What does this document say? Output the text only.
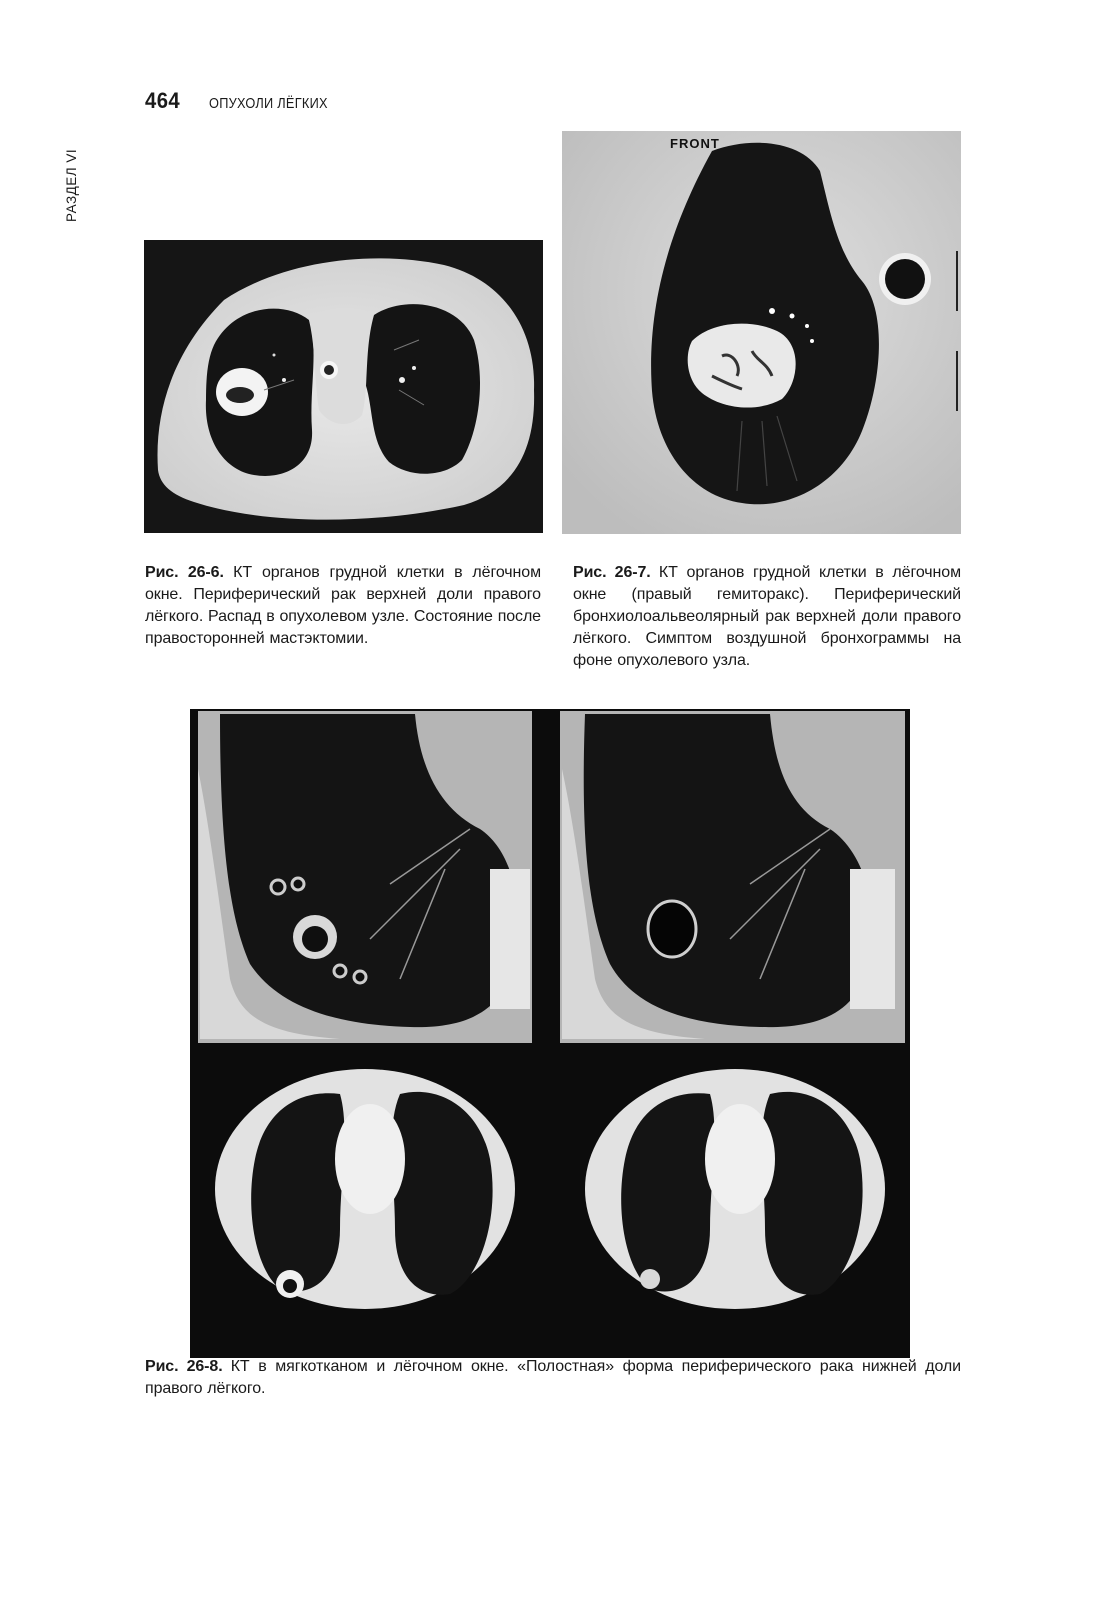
464 ОПУХОЛИ ЛЁГКИХ
РАЗДЕЛ VI
FRONT
Рис. 26-6. КТ органов грудной клетки в лёгочном окне. Периферический рак верхней доли правого лёгкого. Распад в опухолевом узле. Состояние после правосторонней мастэктомии.
Рис. 26-7. КТ органов грудной клетки в лёгочном окне (правый гемиторакс). Периферический бронхиолоальвеолярный рак верхней доли правого лёгкого. Симптом воздушной бронхограммы на фоне опухолевого узла.
Рис. 26-8. КТ в мягкотканом и лёгочном окне. «Полостная» форма периферического рака нижней доли правого лёгкого.
